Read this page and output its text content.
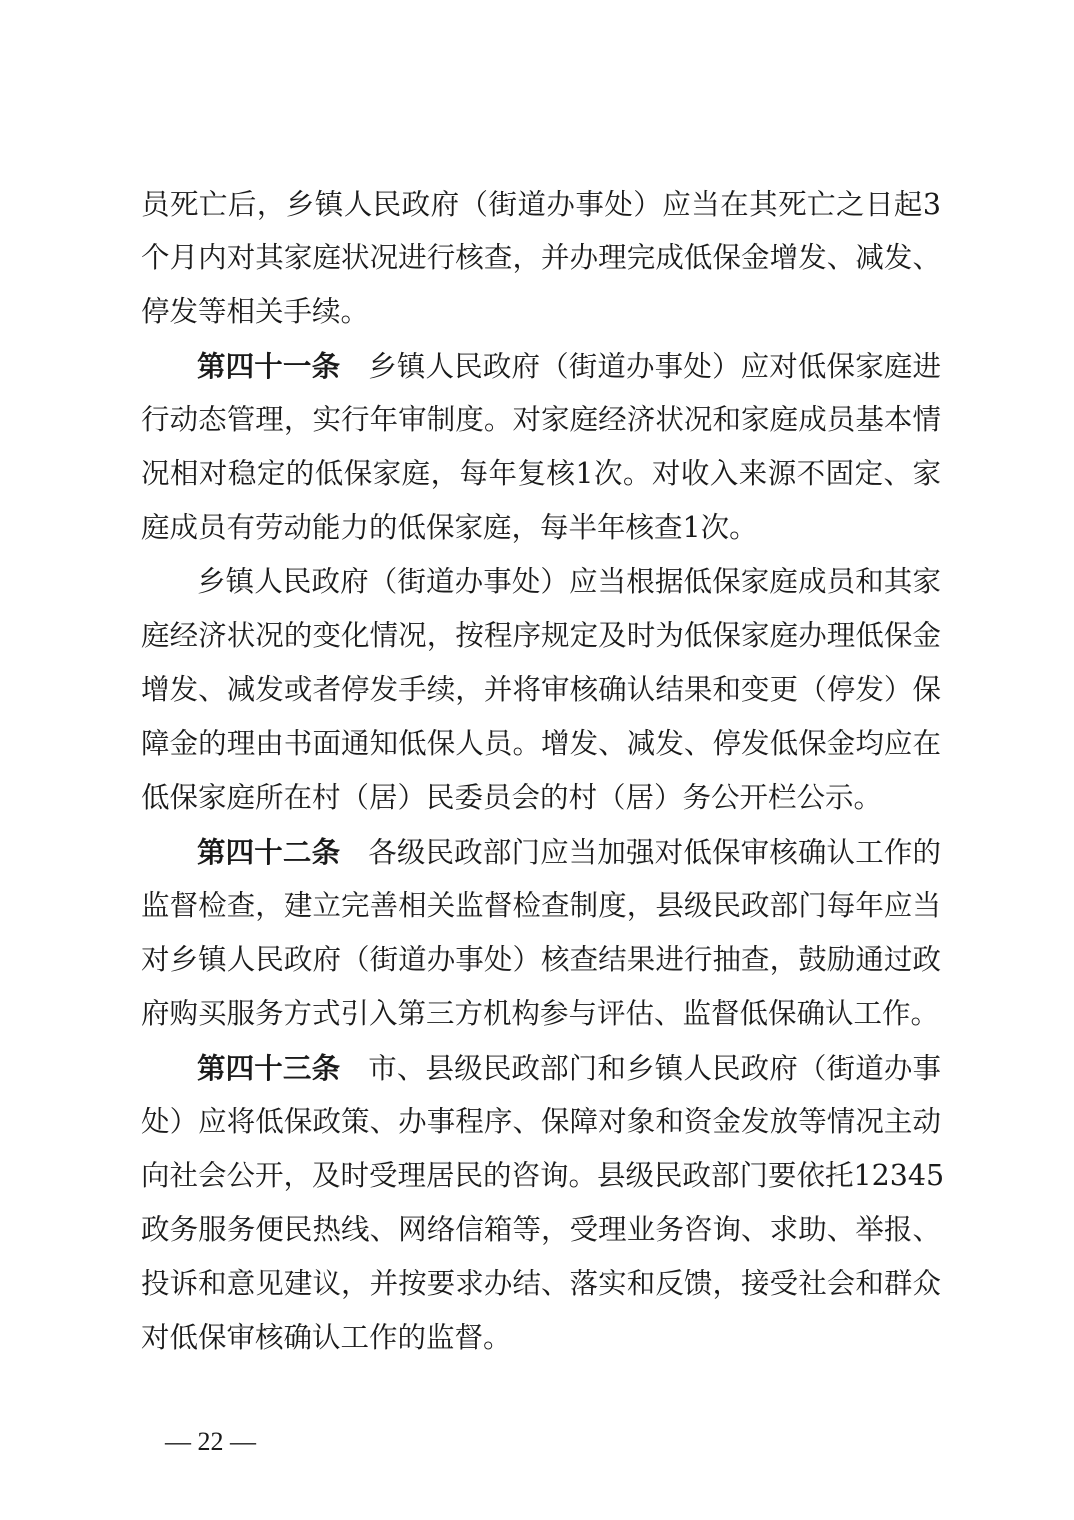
员死亡后，乡镇人民政府（街道办事处）应当在其死亡之日起3
个月内对其家庭状况进行核查，并办理完成低保金增发、减发、
停发等相关手续。
第四十一条 乡镇人民政府（街道办事处）应对低保家庭进
行动态管理，实行年审制度。对家庭经济状况和家庭成员基本情
况相对稳定的低保家庭，每年复核1次。对收入来源不固定、家
庭成员有劳动能力的低保家庭，每半年核查1次。
乡镇人民政府（街道办事处）应当根据低保家庭成员和其家
庭经济状况的变化情况，按程序规定及时为低保家庭办理低保金
增发、减发或者停发手续，并将审核确认结果和变更（停发）保
障金的理由书面通知低保人员。增发、减发、停发低保金均应在
低保家庭所在村（居）民委员会的村（居）务公开栏公示。
第四十二条 各级民政部门应当加强对低保审核确认工作的
监督检查，建立完善相关监督检查制度，县级民政部门每年应当
对乡镇人民政府（街道办事处）核查结果进行抽查，鼓励通过政
府购买服务方式引入第三方机构参与评估、监督低保确认工作。
第四十三条 市、县级民政部门和乡镇人民政府（街道办事
处）应将低保政策、办事程序、保障对象和资金发放等情况主动
向社会公开，及时受理居民的咨询。县级民政部门要依托12345
政务服务便民热线、网络信箱等，受理业务咨询、求助、举报、
投诉和意见建议，并按要求办结、落实和反馈，接受社会和群众
对低保审核确认工作的监督。
— 22 —
